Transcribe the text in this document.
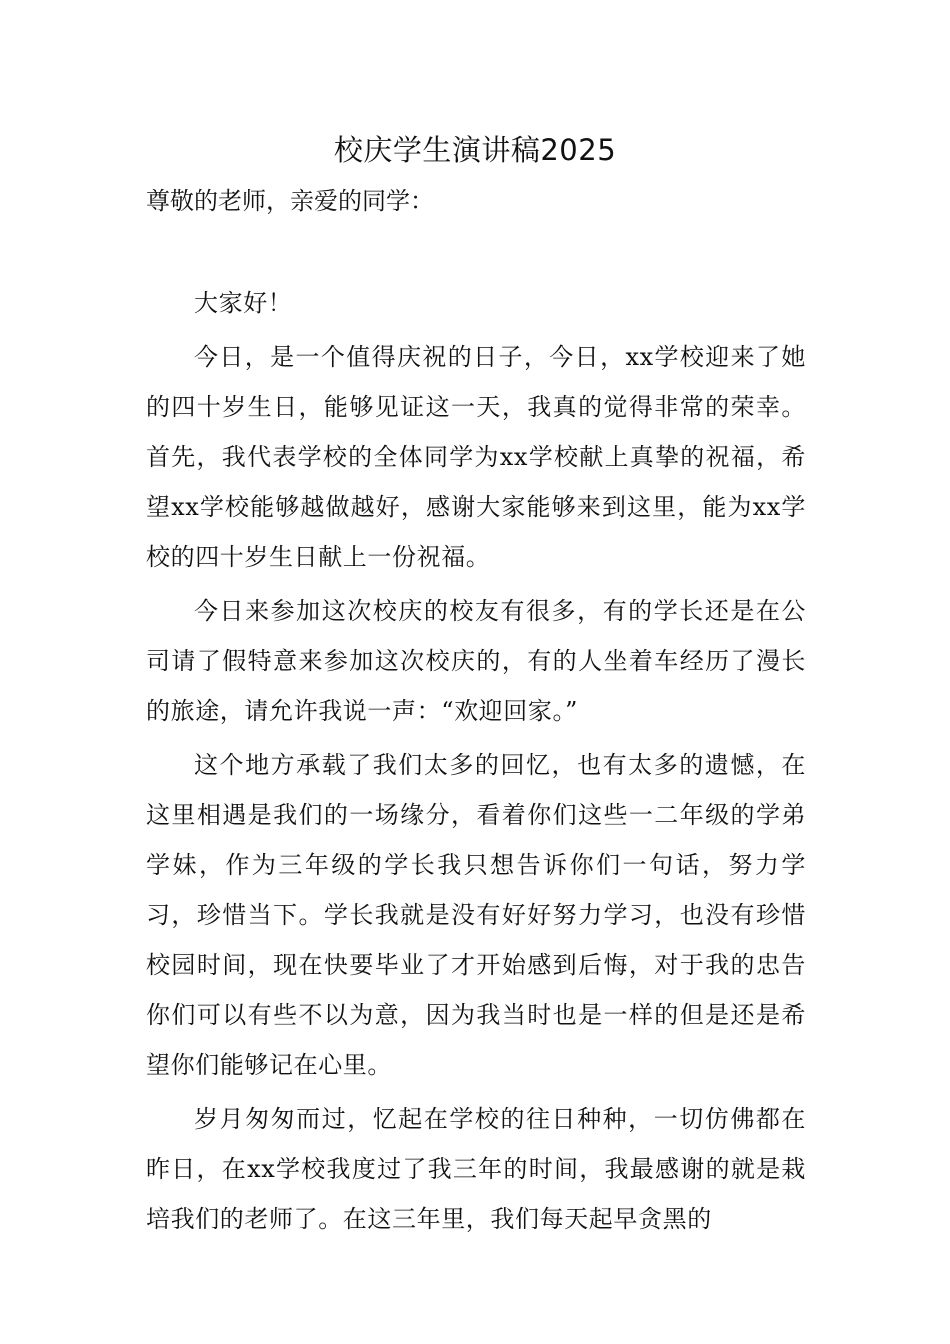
校庆学生演讲稿2025

尊敬的老师，亲爱的同学：

大家好！

今日，是一个值得庆祝的日子，今日，xx学校迎来了她的四十岁生日，能够见证这一天，我真的觉得非常的荣幸。首先，我代表学校的全体同学为xx学校献上真挚的祝福，希望xx学校能够越做越好，感谢大家能够来到这里，能为xx学校的四十岁生日献上一份祝福。

今日来参加这次校庆的校友有很多，有的学长还是在公司请了假特意来参加这次校庆的，有的人坐着车经历了漫长的旅途，请允许我说一声：“欢迎回家。”

这个地方承载了我们太多的回忆，也有太多的遗憾，在这里相遇是我们的一场缘分，看着你们这些一二年级的学弟学妹，作为三年级的学长我只想告诉你们一句话，努力学习，珍惜当下。学长我就是没有好好努力学习，也没有珍惜校园时间，现在快要毕业了才开始感到后悔，对于我的忠告你们可以有些不以为意，因为我当时也是一样的但是还是希望你们能够记在心里。

岁月匆匆而过，忆起在学校的往日种种，一切仿佛都在昨日，在xx学校我度过了我三年的时间，我最感谢的就是栽培我们的老师了。在这三年里，我们每天起早贪黑的
